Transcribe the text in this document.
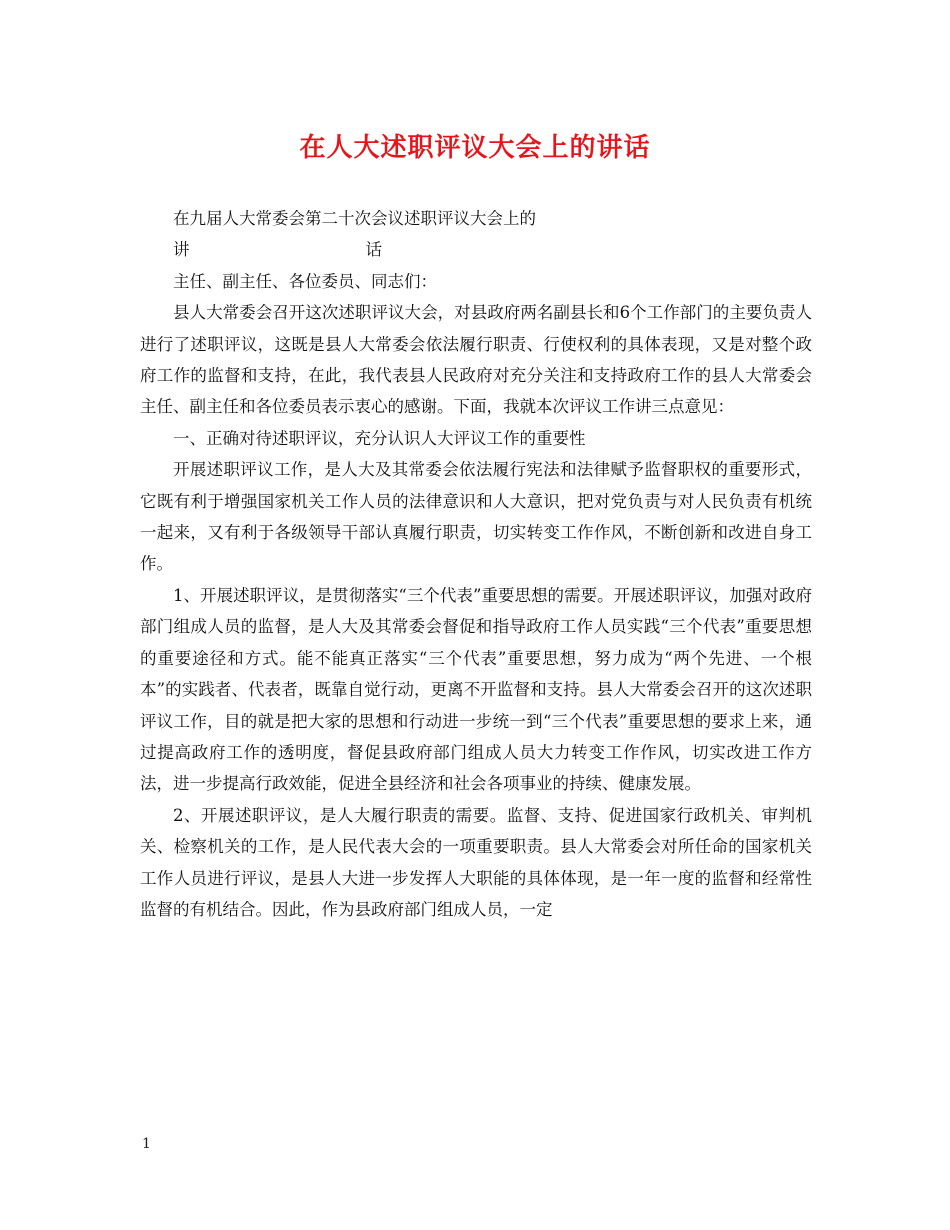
在人大述职评议大会上的讲话

在九届人大常委会第二十次会议述职评议大会上的

讲	话

主任、副主任、各位委员、同志们：

县人大常委会召开这次述职评议大会，对县政府两名副县长和6个工作部门的主要负责人进行了述职评议，这既是县人大常委会依法履行职责、行使权利的具体表现，又是对整个政府工作的监督和支持，在此，我代表县人民政府对充分关注和支持政府工作的县人大常委会主任、副主任和各位委员表示衷心的感谢。下面，我就本次评议工作讲三点意见：

一、正确对待述职评议，充分认识人大评议工作的重要性

开展述职评议工作，是人大及其常委会依法履行宪法和法律赋予监督职权的重要形式，它既有利于增强国家机关工作人员的法律意识和人大意识，把对党负责与对人民负责有机统一起来，又有利于各级领导干部认真履行职责，切实转变工作作风，不断创新和改进自身工作。

1、开展述职评议，是贯彻落实“三个代表”重要思想的需要。开展述职评议，加强对政府部门组成人员的监督，是人大及其常委会督促和指导政府工作人员实践“三个代表”重要思想的重要途径和方式。能不能真正落实“三个代表”重要思想，努力成为“两个先进、一个根本”的实践者、代表者，既靠自觉行动，更离不开监督和支持。县人大常委会召开的这次述职评议工作，目的就是把大家的思想和行动进一步统一到“三个代表”重要思想的要求上来，通过提高政府工作的透明度，督促县政府部门组成人员大力转变工作作风，切实改进工作方法，进一步提高行政效能，促进全县经济和社会各项事业的持续、健康发展。

2、开展述职评议，是人大履行职责的需要。监督、支持、促进国家行政机关、审判机关、检察机关的工作，是人民代表大会的一项重要职责。县人大常委会对所任命的国家机关工作人员进行评议，是县人大进一步发挥人大职能的具体体现，是一年一度的监督和经常性监督的有机结合。因此，作为县政府部门组成人员，一定

1
